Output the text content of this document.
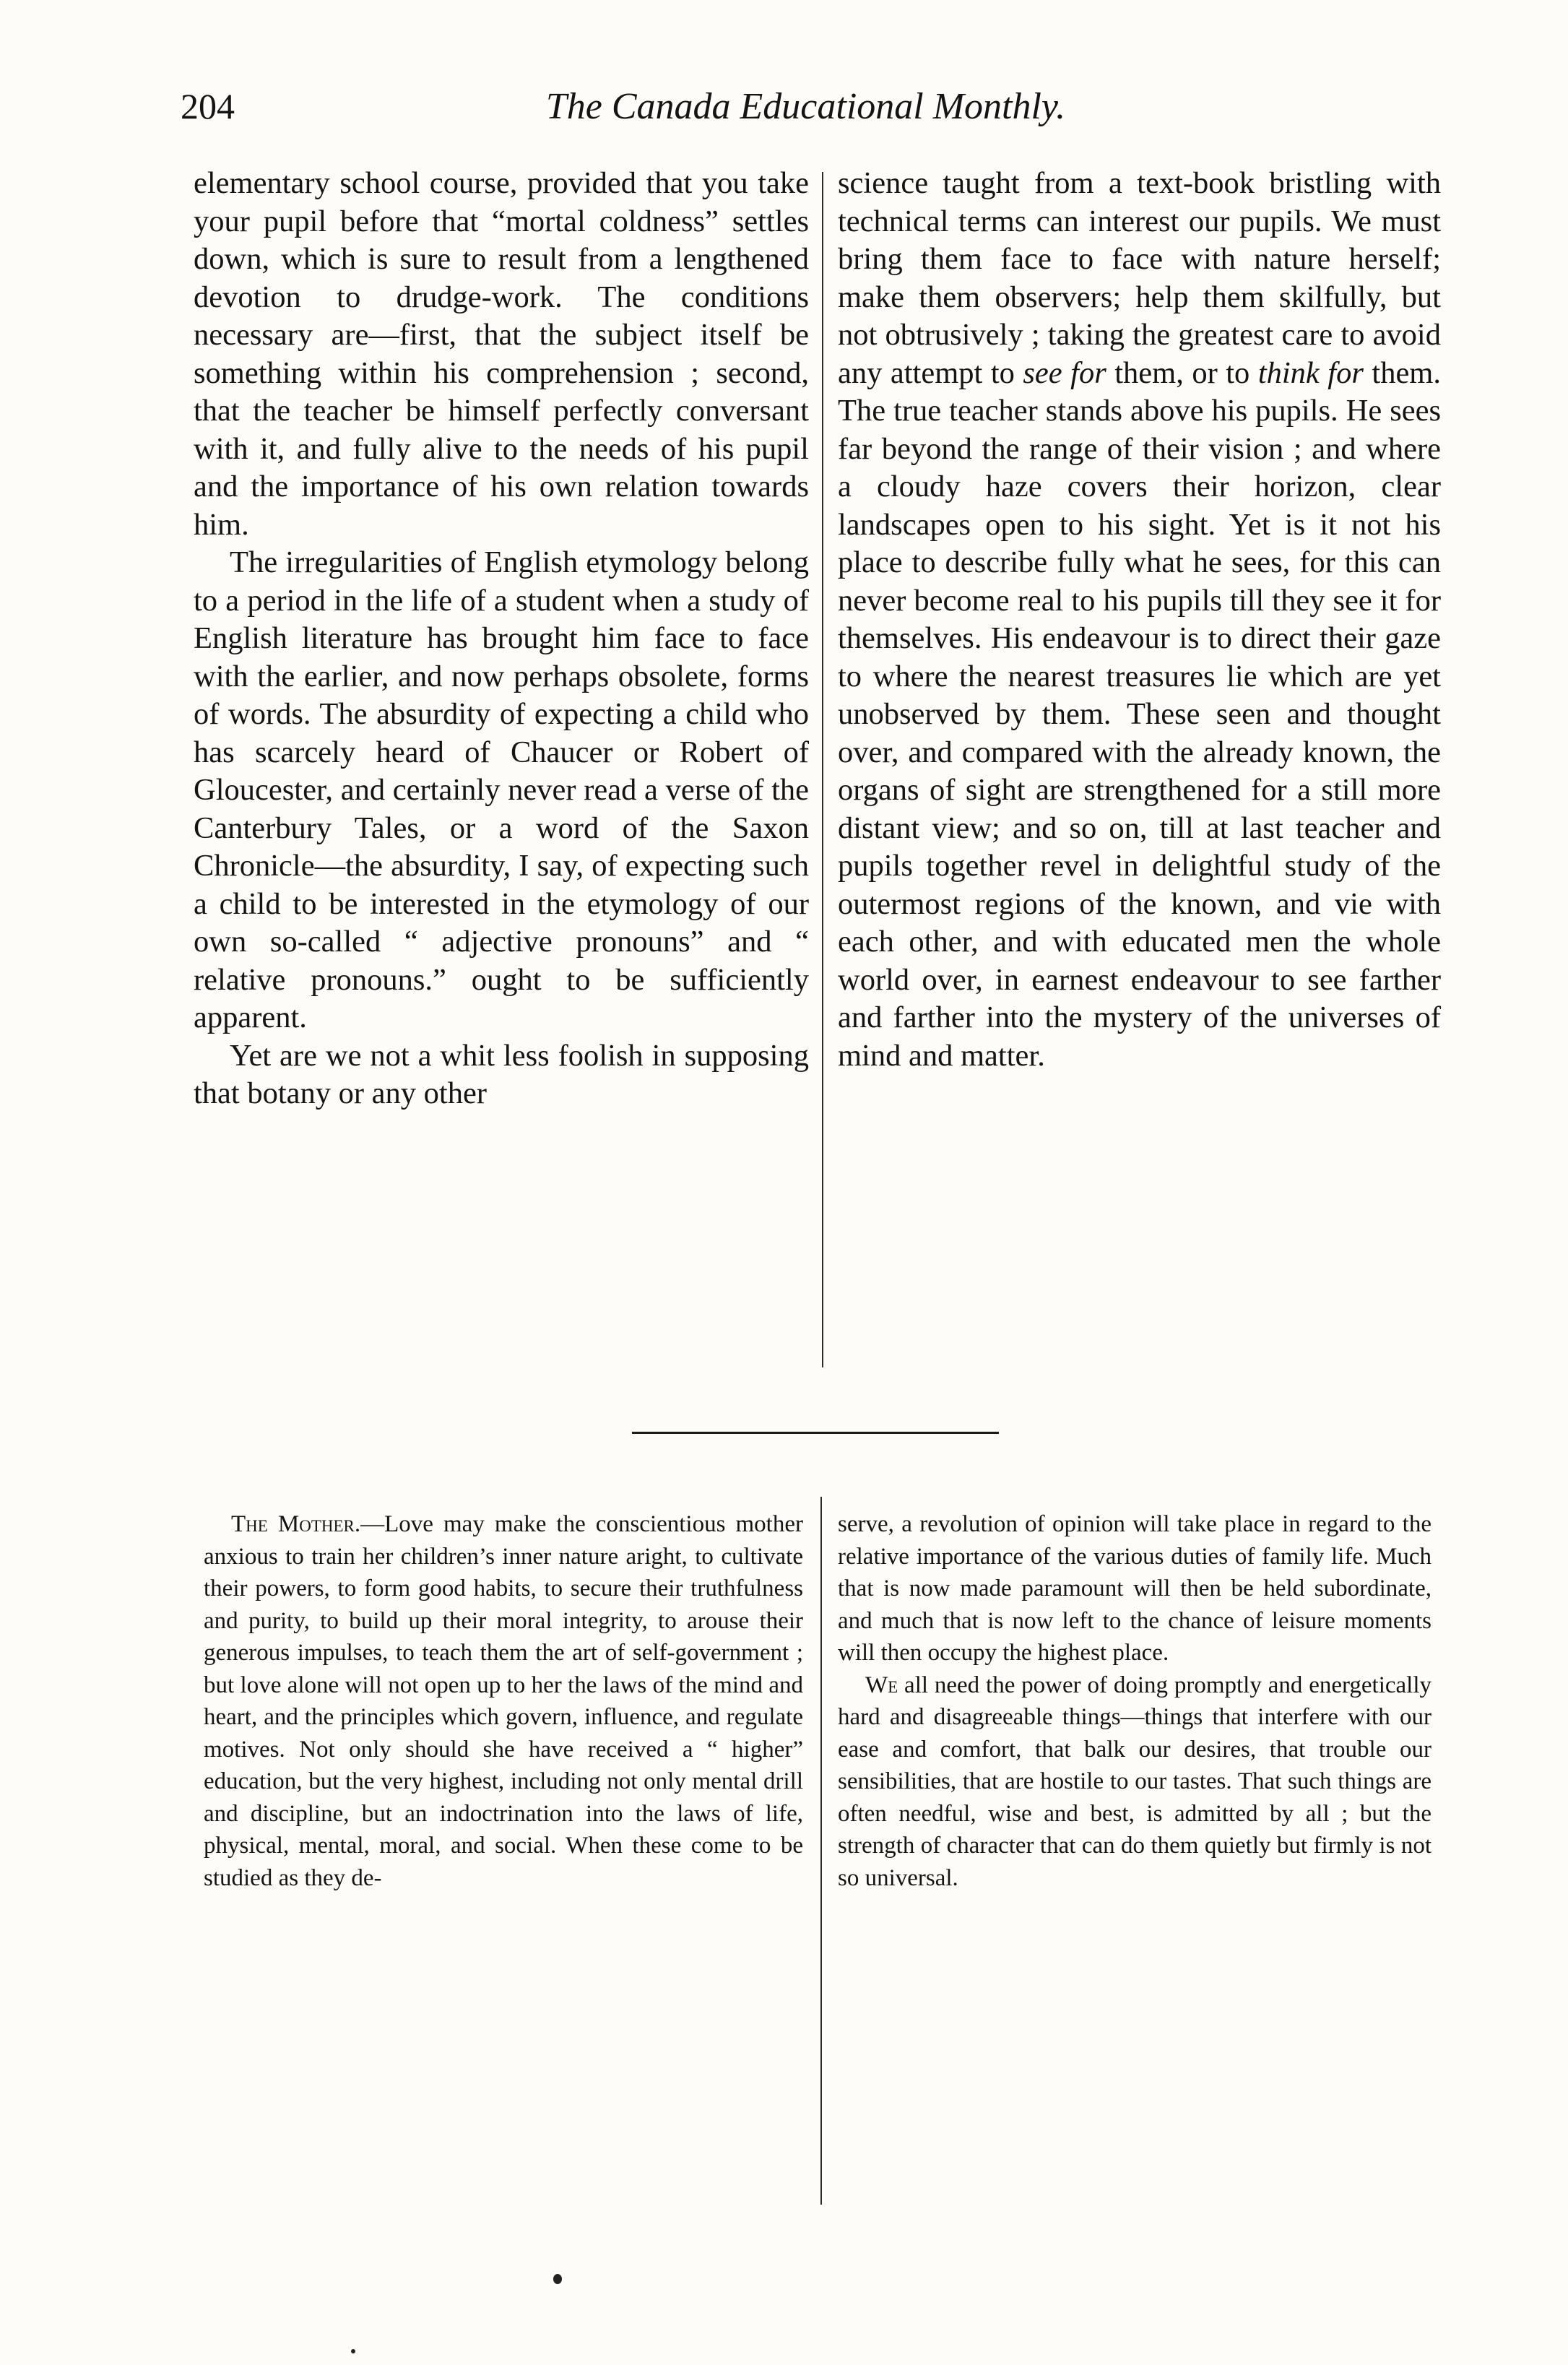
204	The Canada Educational Monthly.

elementary school course, provided that you take your pupil before that “mortal coldness” settles down, which is sure to result from a lengthened devotion to drudge-work. The conditions necessary are—first, that the subject itself be something within his comprehension ; second, that the teacher be himself perfectly conversant with it, and fully alive to the needs of his pupil and the importance of his own relation towards him.

The irregularities of English etymology belong to a period in the life of a student when a study of English literature has brought him face to face with the earlier, and now perhaps obsolete, forms of words. The absurdity of expecting a child who has scarcely heard of Chaucer or Robert of Gloucester, and certainly never read a verse of the Canterbury Tales, or a word of the Saxon Chronicle—the absurdity, I say, of expecting such a child to be interested in the etymology of our own so-called “ adjective pronouns” and “ relative pronouns.” ought to be sufficiently apparent.

Yet are we not a whit less foolish in supposing that botany or any other

science taught from a text-book bristling with technical terms can interest our pupils. We must bring them face to face with nature herself; make them observers; help them skilfully, but not obtrusively ; taking the greatest care to avoid any attempt to see for them, or to think for them. The true teacher stands above his pupils. He sees far beyond the range of their vision ; and where a cloudy haze covers their horizon, clear landscapes open to his sight. Yet is it not his place to describe fully what he sees, for this can never become real to his pupils till they see it for themselves. His endeavour is to direct their gaze to where the nearest treasures lie which are yet unobserved by them. These seen and thought over, and compared with the already known, the organs of sight are strengthened for a still more distant view; and so on, till at last teacher and pupils together revel in delightful study of the outermost regions of the known, and vie with each other, and with educated men the whole world over, in earnest endeavour to see farther and farther into the mystery of the universes of mind and matter.

The Mother.—Love may make the conscientious mother anxious to train her children’s inner nature aright, to cultivate their powers, to form good habits, to secure their truthfulness and purity, to build up their moral integrity, to arouse their generous impulses, to teach them the art of self-government ; but love alone will not open up to her the laws of the mind and heart, and the principles which govern, influence, and regulate motives. Not only should she have received a “ higher” education, but the very highest, including not only mental drill and discipline, but an indoctrination into the laws of life, physical, mental, moral, and social. When these come to be studied as they de-

serve, a revolution of opinion will take place in regard to the relative importance of the various duties of family life. Much that is now made paramount will then be held subordinate, and much that is now left to the chance of leisure moments will then occupy the highest place.

We all need the power of doing promptly and energetically hard and disagreeable things—things that interfere with our ease and comfort, that balk our desires, that trouble our sensibilities, that are hostile to our tastes. That such things are often needful, wise and best, is admitted by all ; but the strength of character that can do them quietly but firmly is not so universal.
